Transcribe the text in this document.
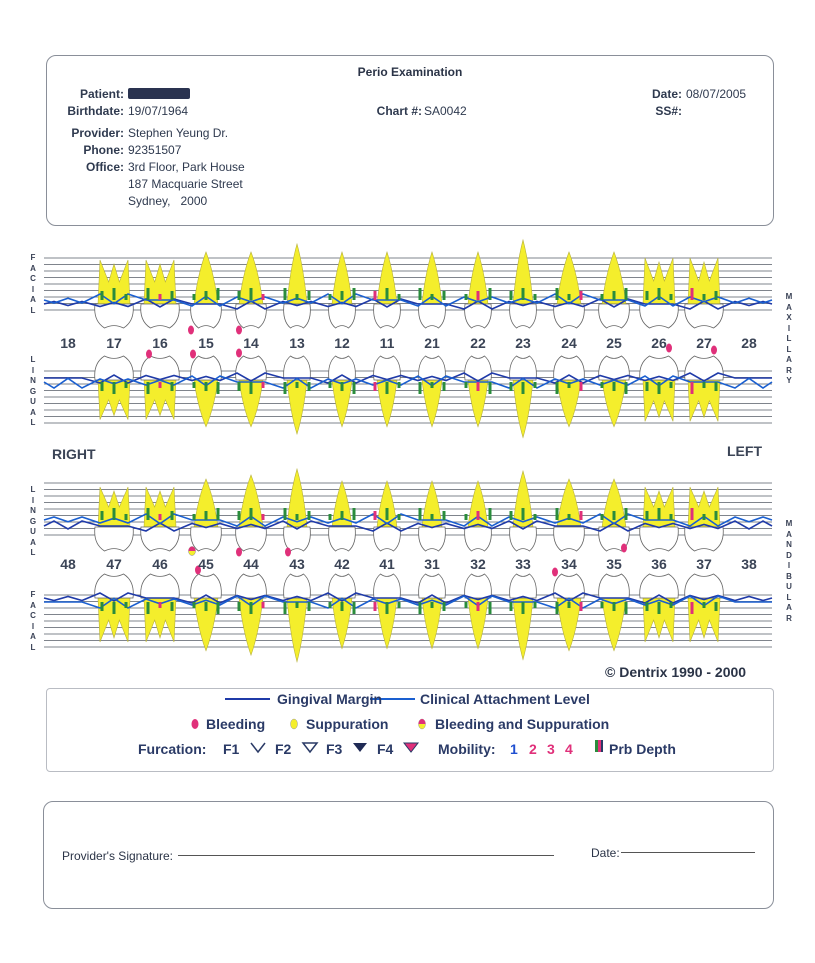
Perio Examination
Patient:
Birthdate: 19/07/1964	Chart #: SA0042
Date: 08/07/2005
SS#:
Provider: Stephen Yeung Dr.
Phone: 92351507
Office: 3rd Floor, Park House
187 Macquarie Street
Sydney,   2000
F
A
C
I
A
L
L
I
N
G
U
A
L
L
I
N
G
U
A
L
F
A
C
I
A
L
M
A
X
I
L
L
A
R
Y
M
A
N
D
I
B
U
L
A
R
RIGHT	LEFT
18	17	16	15	14	13	12	11	21	22	23	24	25	26	27	28
48	47	46	45	44	43	42	41	31	32	33	34	35	36	37	38
© Dentrix 1990 - 2000
Gingival Margin	Clinical Attachment Level
Bleeding	Suppuration	Bleeding and Suppuration
Furcation: F1	F2 F3 F4	Mobility: 1 2 3 4	Prb Depth
Provider's Signature:	Date:
